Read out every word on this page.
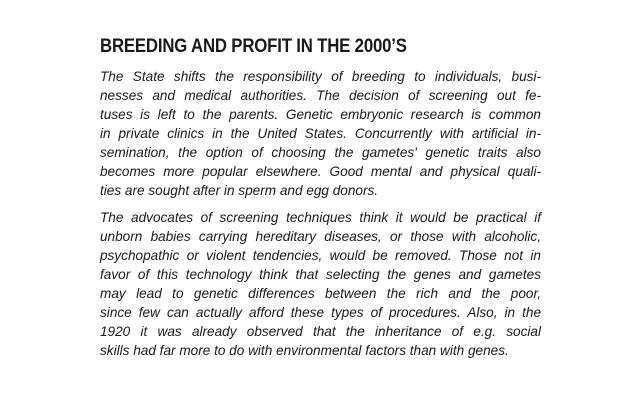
BREEDING AND PROFIT IN THE 2000’S

The State shifts the responsibility of breeding to individuals, busi-
nesses and medical authorities. The decision of screening out fe-
tuses is left to the parents. Genetic embryonic research is common
in private clinics in the United States. Concurrently with artificial in-
semination, the option of choosing the gametes' genetic traits also
becomes more popular elsewhere. Good mental and physical quali-
ties are sought after in sperm and egg donors.

The advocates of screening techniques think it would be practical if
unborn babies carrying hereditary diseases, or those with alcoholic,
psychopathic or violent tendencies, would be removed. Those not in
favor of this technology think that selecting the genes and gametes
may lead to genetic differences between the rich and the poor,
since few can actually afford these types of procedures. Also, in the
1920 it was already observed that the inheritance of e.g. social
skills had far more to do with environmental factors than with genes.
